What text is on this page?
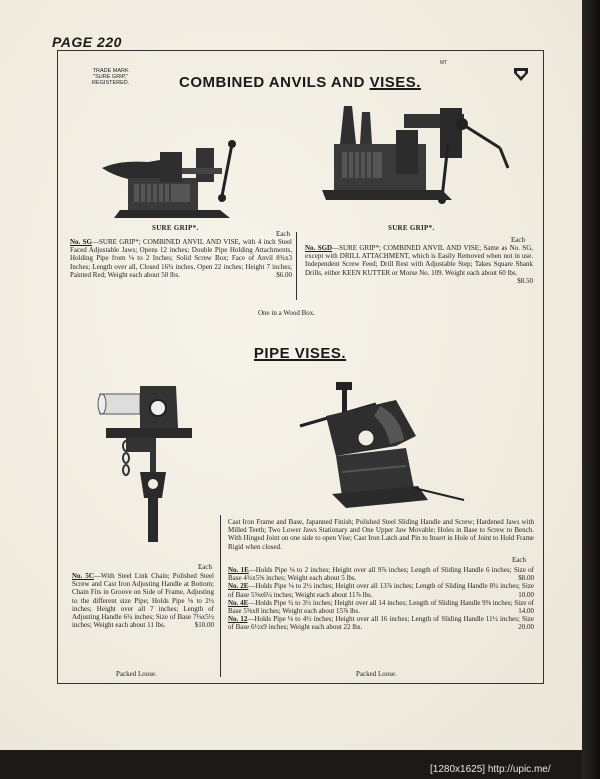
PAGE 220
TRADE MARK
"SURE GRIP,"
REGISTERED.
MT
COMBINED ANVILS AND VISES.
SURE GRIP*.	SURE GRIP*.
Each
Each
No. SG—SURE GRIP*; COMBINED ANVIL AND VISE, with 4 inch Steel Faced Adjustable Jaws; Opens 12 inches; Double Pipe Holding Attachments, Holding Pipe from ⅛ to 2 Inches; Solid Screw Box; Face of Anvil 8¾x3 Inches; Length over all, Closed 16¾ inches, Open 22 inches; Height 7 inches; Painted Red; Weight each about 50 lbs.	$6.00
No. SGD—SURE GRIP*; COMBINED ANVIL AND VISE; Same as No. SG, except with DRILL ATTACHMENT, which is Easily Removed when not in use. Independent Screw Feed; Drill Rest with Adjustable Step; Takes Square Shank Drills, either KEEN KUTTER or Morse No. 109. Weight each about 60 lbs.
$8.50
One in a Wood Box.
PIPE VISES.
Each
No. 5C—With Steel Link Chain; Polished Steel Screw and Cast Iron Adjusting Handle at Bottom; Chain Fits in Groove on Side of Frame, Adjusting to the different size Pipe; Holds Pipe ⅛ to 2½ inches; Height over all 7 inches; Length of Adjusting Handle 6¼ inches; Size of Base 7⅛x5½ inches; Weight each about 11 lbs.	$10.00
Packed Loose.
Cast Iron Frame and Base, Japanned Finish; Polished Steel Sliding Handle and Screw; Hardened Jaws with Milled Teeth; Two Lower Jaws Stationary and One Upper Jaw Movable; Holes in Base to Screw to Bench. With Hinged Joint on one side to open Vise; Cast Iron Latch and Pin to Insert in Hole of Joint to Hold Frame Rigid when closed.
Each
No. 1E—Holds Pipe ⅛ to 2 inches; Height over all 9⅞ inches; Length of Sliding Handle 6 inches; Size of Base 4¾x5⅝ inches; Weight each about 5 lbs.	$8.00
No. 2E—Holds Pipe ⅛ to 2½ inches; Height over all 13⅞ inches; Length of Sliding Handle 8¾ inches; Size of Base 5⅝x6¼ inches; Weight each about 11⅞ lbs.	10.00
No. 4E—Holds Pipe ¾ to 3½ inches; Height over all 14 inches; Length of Sliding Handle 9⅝ inches; Size of Base 5⅝x8 inches; Weight each about 15⅞ lbs.	14.00
No. 12—Holds Pipe ⅛ to 4½ inches; Height over all 16 inches; Length of Sliding Handle 11½ inches; Size of Base 6½x9 inches; Weight each about 22 lbs.	20.00
Packed Loose.
[1280x1625] http://upic.me/
